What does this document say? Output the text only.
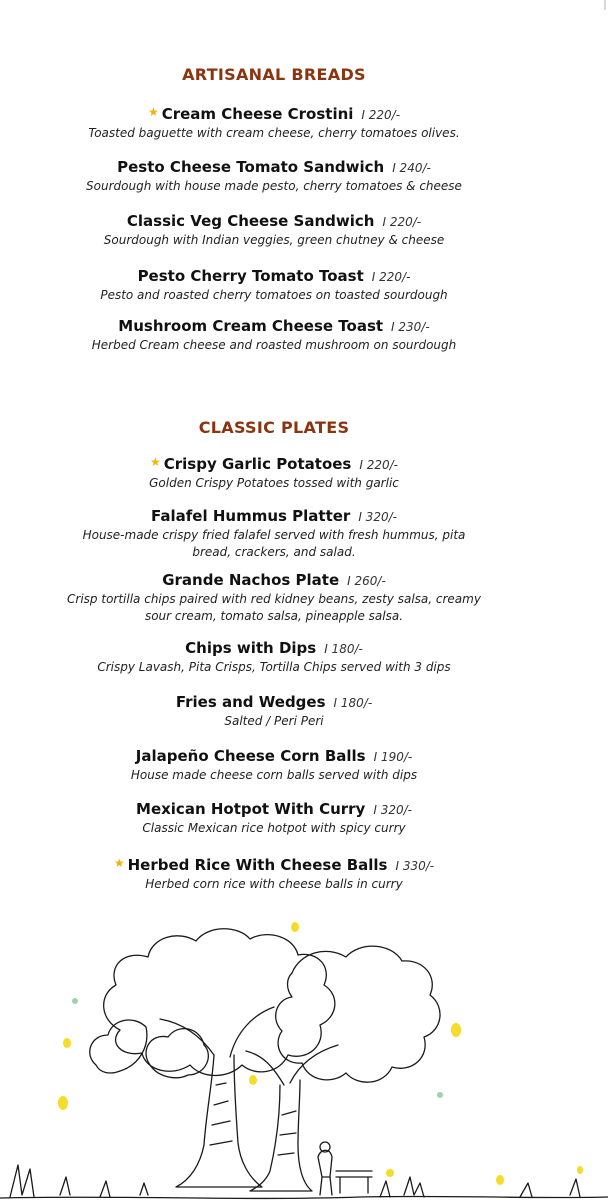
ARTISANAL BREADS
★ Cream Cheese Crostini I 220/-
Toasted baguette with cream cheese, cherry tomatoes olives.
Pesto Cheese Tomato Sandwich I 240/-
Sourdough with house made pesto, cherry tomatoes & cheese
Classic Veg Cheese Sandwich I 220/-
Sourdough with Indian veggies, green chutney & cheese
Pesto Cherry Tomato Toast I 220/-
Pesto and roasted cherry tomatoes on toasted sourdough
Mushroom Cream Cheese Toast I 230/-
Herbed Cream cheese and roasted mushroom on sourdough
CLASSIC PLATES
★ Crispy Garlic Potatoes I 220/-
Golden Crispy Potatoes tossed with garlic
Falafel Hummus Platter I 320/-
House-made crispy fried falafel served with fresh hummus, pita bread, crackers, and salad.
Grande Nachos Plate I 260/-
Crisp tortilla chips paired with red kidney beans, zesty salsa, creamy sour cream, tomato salsa, pineapple salsa.
Chips with Dips I 180/-
Crispy Lavash, Pita Crisps, Tortilla Chips served with 3 dips
Fries and Wedges I 180/-
Salted / Peri Peri
Jalapeño Cheese Corn Balls I 190/-
House made cheese corn balls served with dips
Mexican Hotpot With Curry I 320/-
Classic Mexican rice hotpot with spicy curry
★ Herbed Rice With Cheese Balls I 330/-
Herbed corn rice with cheese balls in curry
